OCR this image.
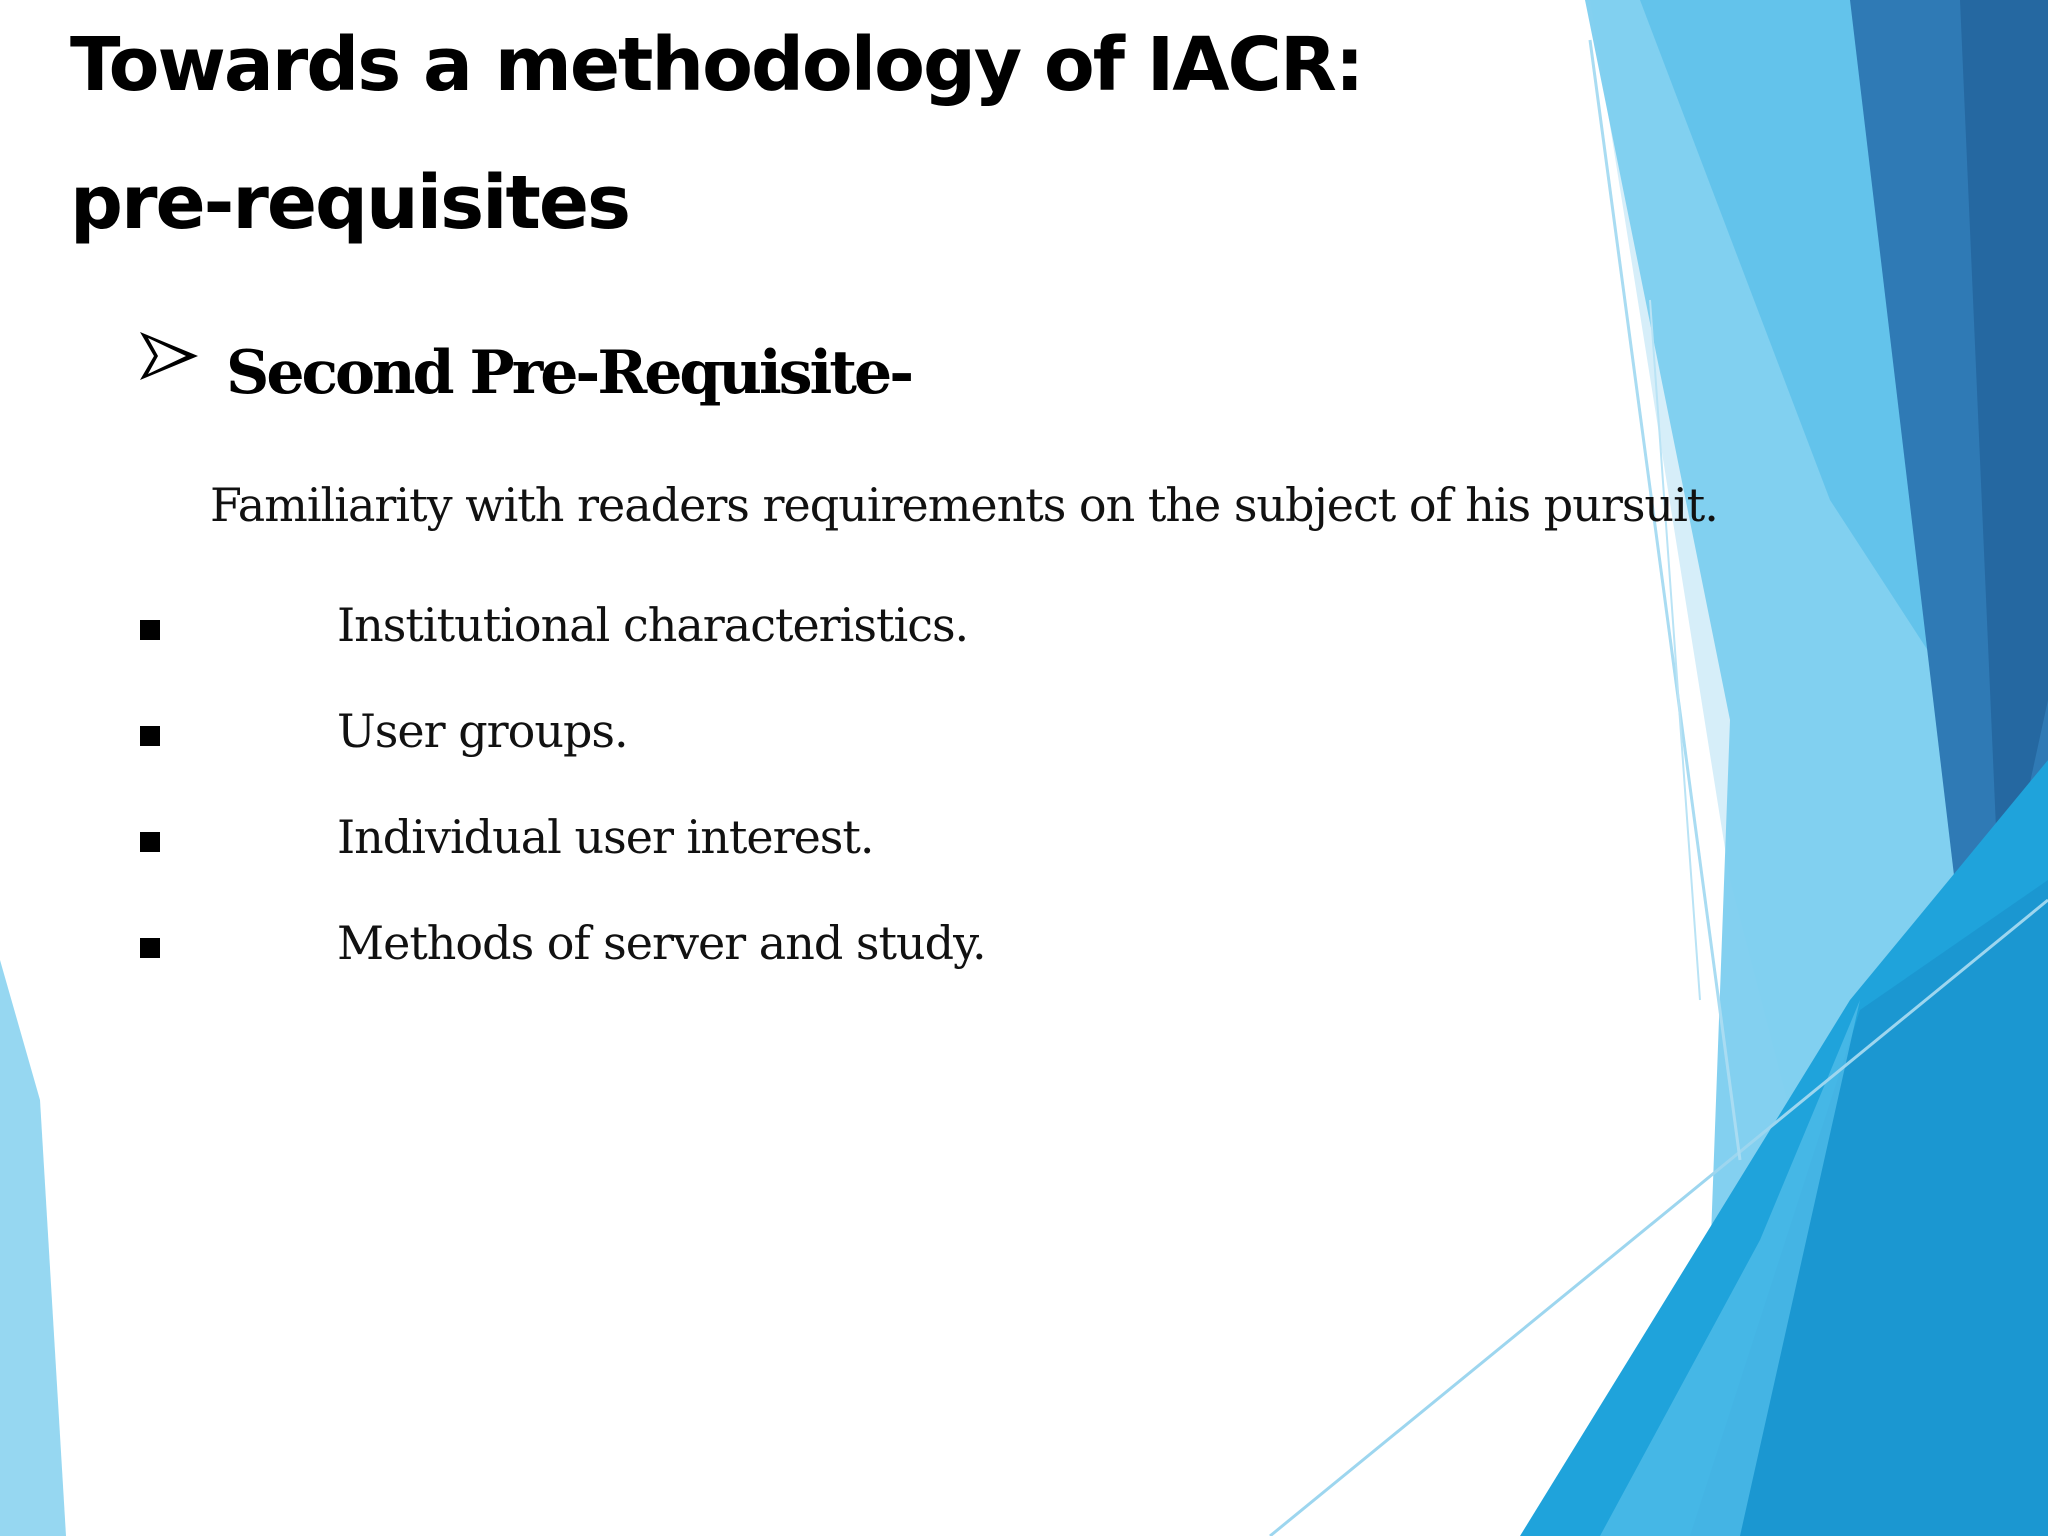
Towards a methodology of IACR:
pre-requisites
Second Pre-Requisite-
Familiarity with readers requirements on the subject of his pursuit.
Institutional characteristics.
User groups.
Individual user interest.
Methods of server and study.
